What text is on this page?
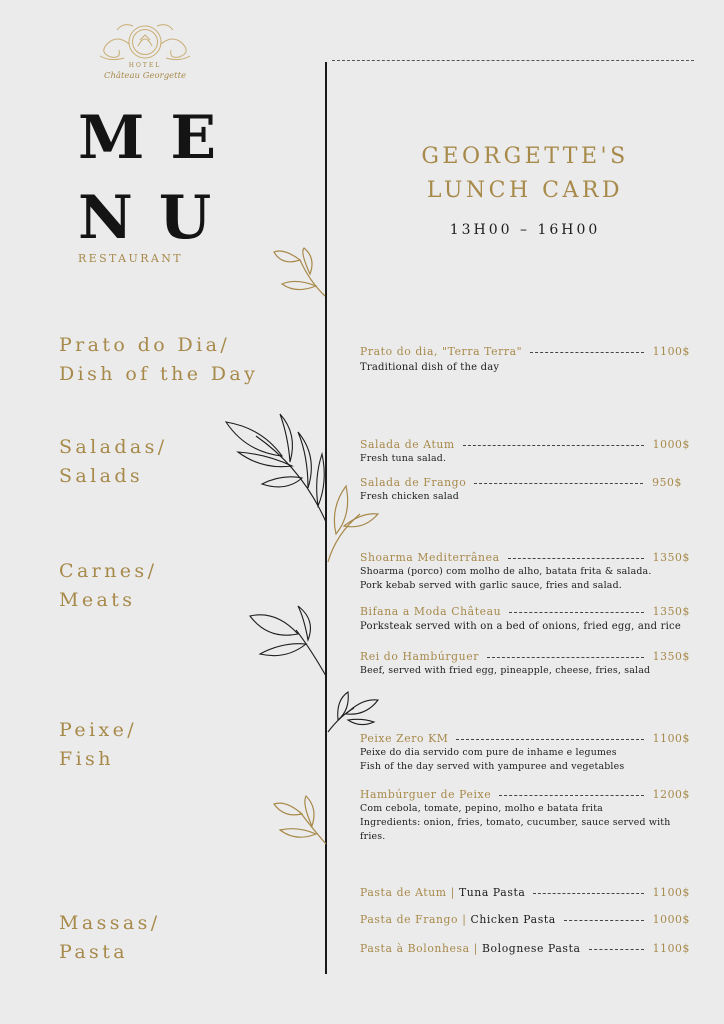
HOTEL
Château Georgette
ME
NU
RESTAURANT
GEORGETTE'S
LUNCH CARD
13H00 – 16H00
Prato do Dia/
Dish of the Day
Saladas/
Salads
Carnes/
Meats
Peixe/
Fish
Massas/
Pasta
Prato do dia, "Terra Terra"	1100$
Traditional dish of the day
Salada de Atum	1000$
Fresh tuna salad.
Salada de Frango	950$
Fresh chicken salad
Shoarma Mediterrânea	1350$
Shoarma (porco) com molho de alho, batata frita & salada.
Pork kebab served with garlic sauce, fries and salad.
Bifana a Moda Château	1350$
Porksteak served with on a bed of onions, fried egg, and rice
Rei do Hambúrguer	1350$
Beef, served with fried egg, pineapple, cheese, fries, salad
Peixe Zero KM	1100$
Peixe do dia servido com pure de inhame e legumes
Fish of the day served with yampuree and vegetables
Hambúrguer de Peixe	1200$
Com cebola, tomate, pepino, molho e batata frita
Ingredients: onion, fries, tomato, cucumber, sauce served with fries.
Pasta de Atum | Tuna Pasta	1100$
Pasta de Frango | Chicken Pasta	1000$
Pasta à Bolonhesa | Bolognese Pasta	1100$
